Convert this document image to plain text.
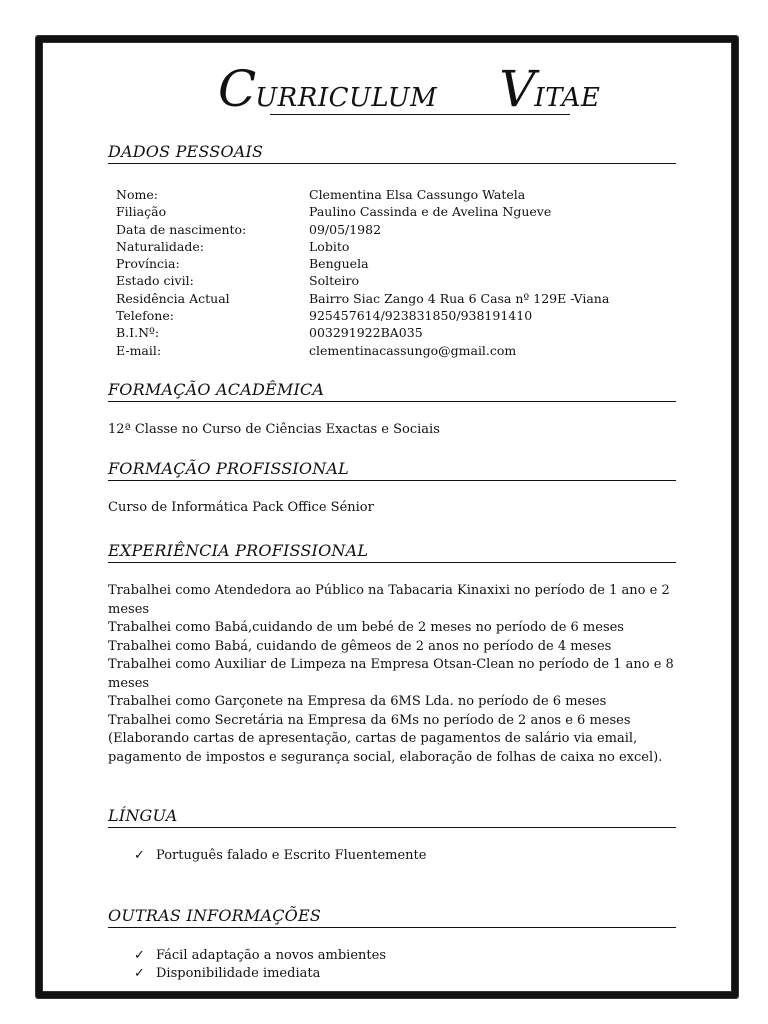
CURRICULUM VITAE
DADOS PESSOAIS
Nome:	Clementina Elsa Cassungo Watela
Filiação	Paulino Cassinda e de Avelina Ngueve
Data de nascimento:	09/05/1982
Naturalidade:	Lobito
Província:	Benguela
Estado civil:	Solteiro
Residência Actual	Bairro Siac Zango 4 Rua 6 Casa nº 129E -Viana
Telefone:	925457614/923831850/938191410
B.I.Nº:	003291922BA035
E-mail:	clementinacassungo@gmail.com
FORMAÇÃO ACADÊMICA
12ª Classe no Curso de Ciências Exactas e Sociais
FORMAÇÃO PROFISSIONAL
Curso de Informática Pack Office Sénior
EXPERIÊNCIA PROFISSIONAL
Trabalhei como Atendedora ao Público na Tabacaria Kinaxixi no período de 1 ano e 2 meses
Trabalhei como Babá,cuidando de um bebé de 2 meses no período de 6 meses
Trabalhei como Babá, cuidando de gêmeos de 2 anos no período de 4 meses
Trabalhei como Auxiliar de Limpeza na Empresa Otsan-Clean no período de 1 ano e 8 meses
Trabalhei como Garçonete na Empresa da 6MS Lda. no período de 6 meses
Trabalhei como Secretária na Empresa da 6Ms no período de 2 anos e 6 meses (Elaborando cartas de apresentação, cartas de pagamentos de salário via email, pagamento de impostos e segurança social, elaboração de folhas de caixa no excel).
LÍNGUA
✓ Português falado e Escrito Fluentemente
OUTRAS INFORMAÇÕES
✓ Fácil adaptação a novos ambientes
✓ Disponibilidade imediata
